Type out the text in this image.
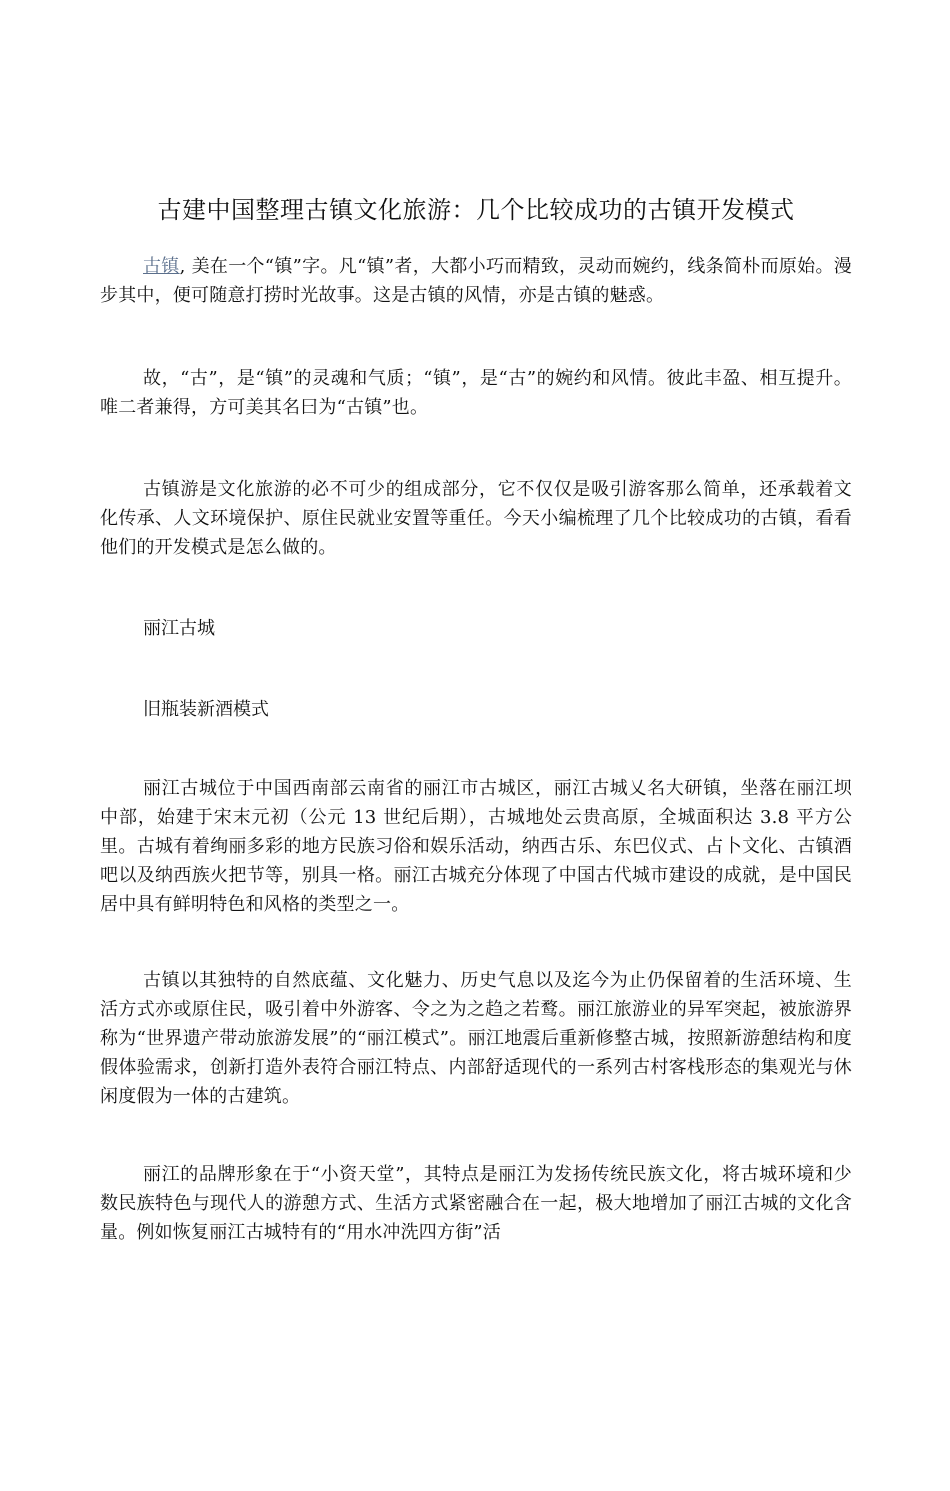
古建中国整理古镇文化旅游：几个比较成功的古镇开发模式

古镇, 美在一个“镇”字。凡“镇”者，大都小巧而精致，灵动而婉约，线条简朴而原始。漫步其中，便可随意打捞时光故事。这是古镇的风情，亦是古镇的魅惑。

故，“古”，是“镇”的灵魂和气质；“镇”，是“古”的婉约和风情。彼此丰盈、相互提升。唯二者兼得，方可美其名曰为“古镇”也。

古镇游是文化旅游的必不可少的组成部分，它不仅仅是吸引游客那么简单，还承载着文化传承、人文环境保护、原住民就业安置等重任。今天小编梳理了几个比较成功的古镇，看看他们的开发模式是怎么做的。

丽江古城

旧瓶装新酒模式

丽江古城位于中国西南部云南省的丽江市古城区，丽江古城乂名大研镇，坐落在丽江坝中部，始建于宋末元初（公元 13 世纪后期），古城地处云贵高原，全城面积达 3.8 平方公里。古城有着绚丽多彩的地方民族习俗和娱乐活动，纳西古乐、东巴仪式、占卜文化、古镇酒吧以及纳西族火把节等，别具一格。丽江古城充分体现了中国古代城市建设的成就，是中国民居中具有鲜明特色和风格的类型之一。

古镇以其独特的自然底蕴、文化魅力、历史气息以及迄今为止仍保留着的生活环境、生活方式亦或原住民，吸引着中外游客、令之为之趋之若鹜。丽江旅游业的异军突起，被旅游界称为“世界遗产带动旅游发展”的“丽江模式”。丽江地震后重新修整古城，按照新游憩结构和度假体验需求，创新打造外表符合丽江特点、内部舒适现代的一系列古村客栈形态的集观光与休闲度假为一体的古建筑。

丽江的品牌形象在于“小资天堂”，其特点是丽江为发扬传统民族文化，将古城环境和少数民族特色与现代人的游憩方式、生活方式紧密融合在一起，极大地增加了丽江古城的文化含量。例如恢复丽江古城特有的“用水冲洗四方街”活
